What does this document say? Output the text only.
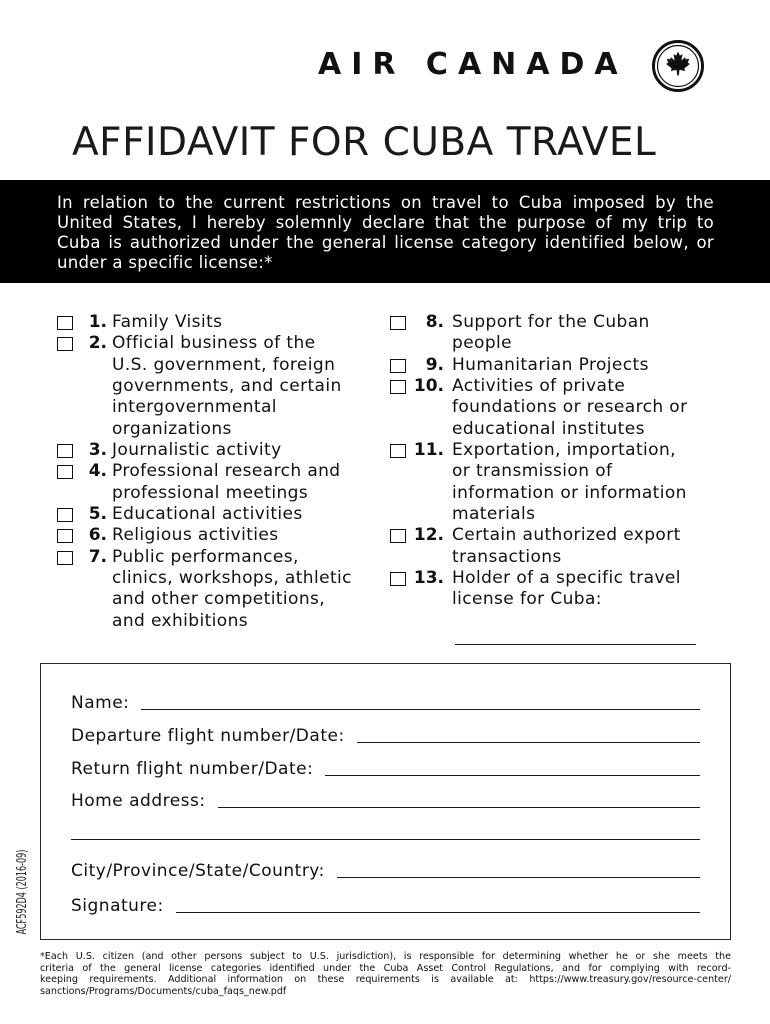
AIR CANADA
AFFIDAVIT FOR CUBA TRAVEL
In relation to the current restrictions on travel to Cuba imposed by the
United States, I hereby solemnly declare that the purpose of my trip to
Cuba is authorized under the general license category identified below, or
under a specific license:*
1. Family Visits
2. Official business of the
U.S. government, foreign
governments, and certain
intergovernmental
organizations
3. Journalistic activity
4. Professional research and
professional meetings
5. Educational activities
6. Religious activities
7. Public performances,
clinics, workshops, athletic
and other competitions,
and exhibitions
8. Support for the Cuban
people
9. Humanitarian Projects
10. Activities of private
foundations or research or
educational institutes
11. Exportation, importation,
or transmission of
information or information
materials
12. Certain authorized export
transactions
13. Holder of a specific travel
license for Cuba:
Name:
Departure flight number/Date:
Return flight number/Date:
Home address:
City/Province/State/Country:
Signature:
ACF592D4 (2016-09)
*Each U.S. citizen (and other persons subject to U.S. jurisdiction), is responsible for determining whether he or she meets the
criteria of the general license categories identified under the Cuba Asset Control Regulations, and for complying with record-
keeping requirements. Additional information on these requirements is available at: https://www.treasury.gov/resource-center/
sanctions/Programs/Documents/cuba_faqs_new.pdf
